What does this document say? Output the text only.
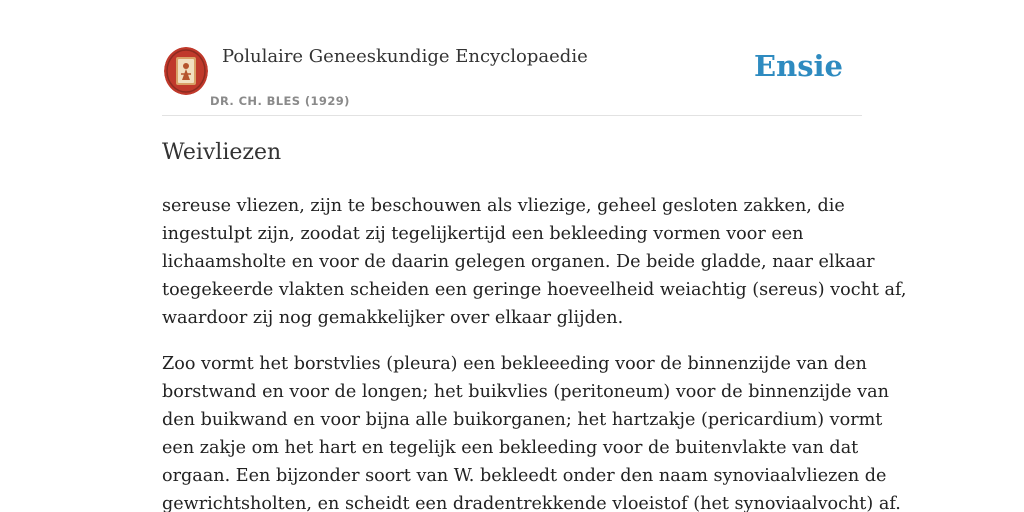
Polulaire Geneeskundige Encyclopaedie
DR. CH. BLES (1929)
Ensie
Weivliezen

sereuse vliezen, zijn te beschouwen als vliezige, geheel gesloten zakken, die
ingestulpt zijn, zoodat zij tegelijkertijd een bekleeding vormen voor een
lichaamsholte en voor de daarin gelegen organen. De beide gladde, naar elkaar
toegekeerde vlakten scheiden een geringe hoeveelheid weiachtig (sereus) vocht af,
waardoor zij nog gemakkelijker over elkaar glijden.

Zoo vormt het borstvlies (pleura) een bekleeeding voor de binnenzijde van den
borstwand en voor de longen; het buikvlies (peritoneum) voor de binnenzijde van
den buikwand en voor bijna alle buikorganen; het hartzakje (pericardium) vormt
een zakje om het hart en tegelijk een bekleeding voor de buitenvlakte van dat
orgaan. Een bijzonder soort van W. bekleedt onder den naam synoviaalvliezen de
gewrichtsholten, en scheidt een dradentrekkende vloeistof (het synoviaalvocht) af.
